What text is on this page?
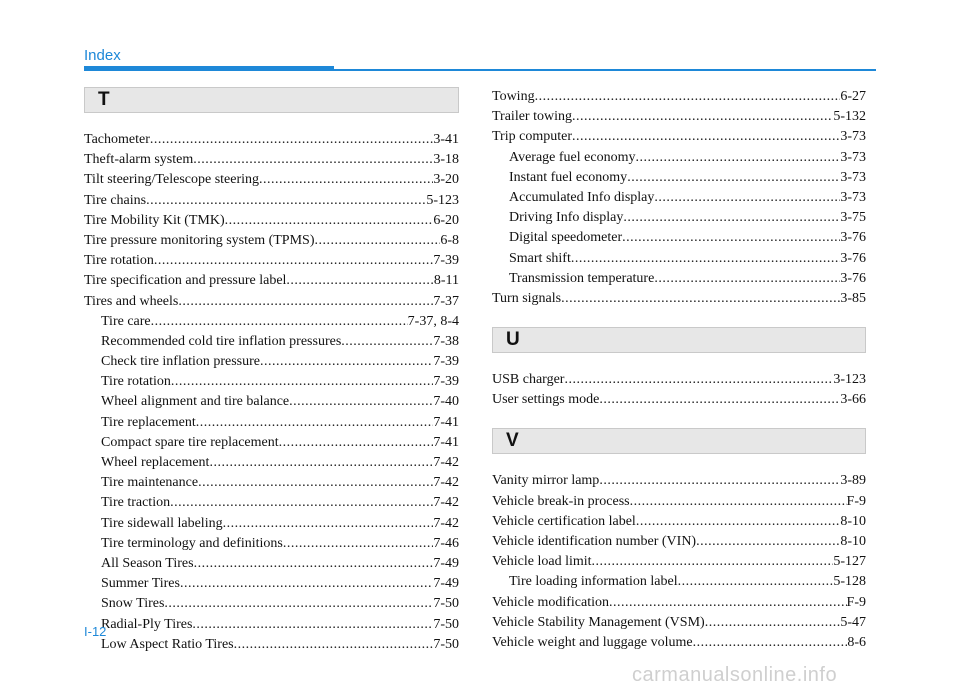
Index
T
Tachometer .....	3-41
Theft-alarm system .....	3-18
Tilt steering/Telescope steering .....	3-20
Tire chains .....	5-123
Tire Mobility Kit (TMK) .....	6-20
Tire pressure monitoring system (TPMS) .....	6-8
Tire rotation .....	7-39
Tire specification and pressure label .....	8-11
Tires and wheels .....	7-37
Tire care .....	7-37, 8-4
Recommended cold tire inflation pressures .....	7-38
Check tire inflation pressure .....	7-39
Tire rotation .....	7-39
Wheel alignment and tire balance .....	7-40
Tire replacement .....	7-41
Compact spare tire replacement .....	7-41
Wheel replacement .....	7-42
Tire maintenance .....	7-42
Tire traction .....	7-42
Tire sidewall labeling .....	7-42
Tire terminology and definitions .....	7-46
All Season Tires .....	7-49
Summer Tires .....	7-49
Snow Tires .....	7-50
Radial-Ply Tires .....	7-50
Low Aspect Ratio Tires .....	7-50
Towing .....	6-27
Trailer towing .....	5-132
Trip computer .....	3-73
Average fuel economy .....	3-73
Instant fuel economy .....	3-73
Accumulated Info display .....	3-73
Driving Info display .....	3-75
Digital speedometer .....	3-76
Smart shift .....	3-76
Transmission temperature .....	3-76
Turn signals .....	3-85
U
USB charger .....	3-123
User settings mode .....	3-66
V
Vanity mirror lamp .....	3-89
Vehicle break-in process .....	F-9
Vehicle certification label .....	8-10
Vehicle identification number (VIN) .....	8-10
Vehicle load limit .....	5-127
Tire loading information label .....	5-128
Vehicle modification .....	F-9
Vehicle Stability Management (VSM) .....	5-47
Vehicle weight and luggage volume .....	8-6
I-12
carmanualsonline.info
